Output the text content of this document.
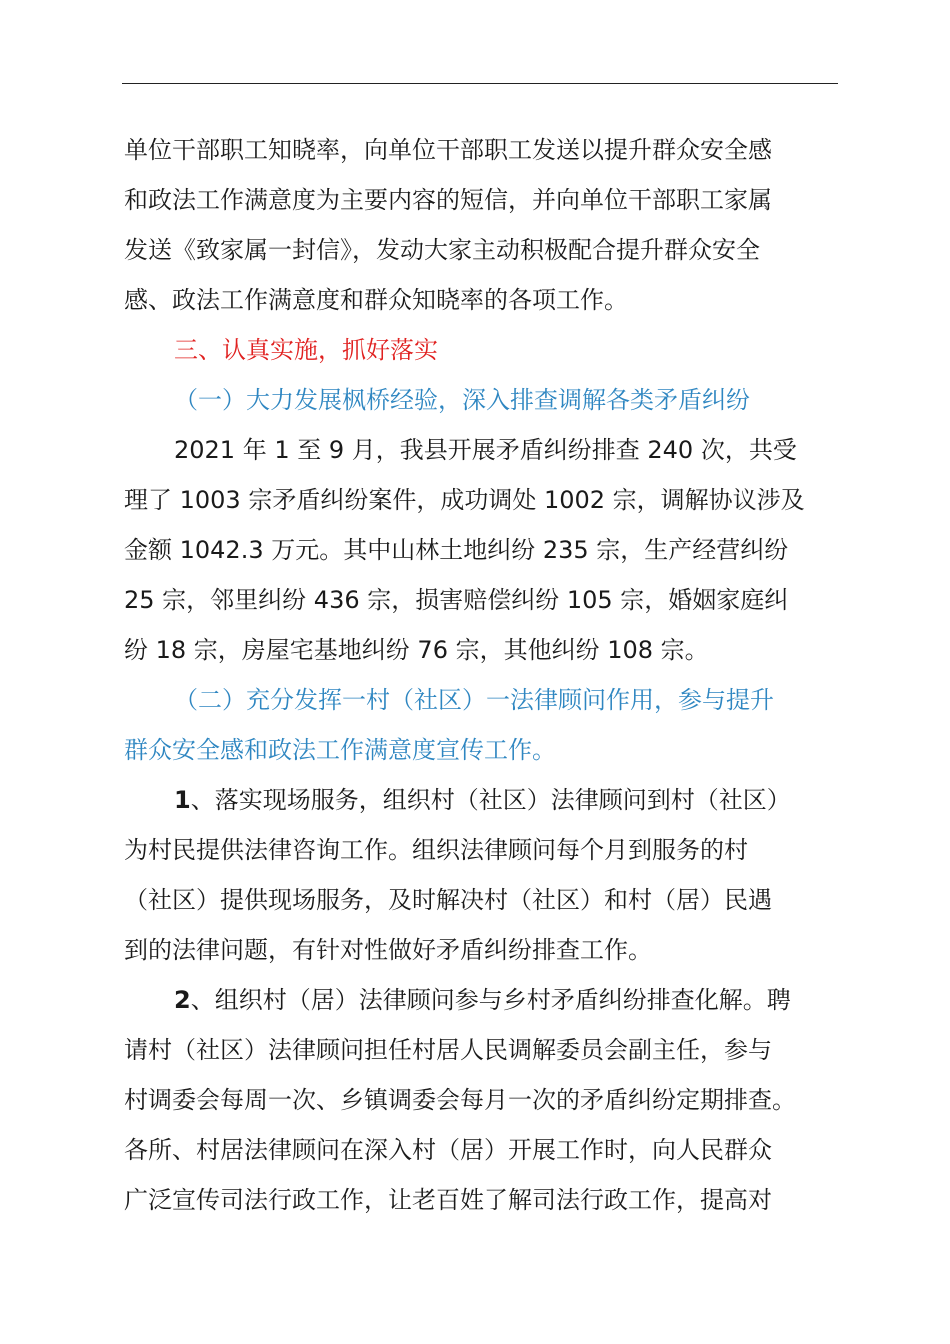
单位干部职工知晓率，向单位干部职工发送以提升群众安全感
和政法工作满意度为主要内容的短信，并向单位干部职工家属
发送《致家属一封信》，发动大家主动积极配合提升群众安全
感、政法工作满意度和群众知晓率的各项工作。
三、认真实施，抓好落实
（一）大力发展枫桥经验，深入排查调解各类矛盾纠纷
2021 年 1 至 9 月，我县开展矛盾纠纷排查 240 次，共受
理了 1003 宗矛盾纠纷案件，成功调处 1002 宗，调解协议涉及
金额 1042.3 万元。其中山林土地纠纷 235 宗，生产经营纠纷
25 宗，邻里纠纷 436 宗，损害赔偿纠纷 105 宗，婚姻家庭纠
纷 18 宗，房屋宅基地纠纷 76 宗，其他纠纷 108 宗。
（二）充分发挥一村（社区）一法律顾问作用，参与提升
群众安全感和政法工作满意度宣传工作。
1、落实现场服务，组织村（社区）法律顾问到村（社区）
为村民提供法律咨询工作。组织法律顾问每个月到服务的村
（社区）提供现场服务，及时解决村（社区）和村（居）民遇
到的法律问题，有针对性做好矛盾纠纷排查工作。
2、组织村（居）法律顾问参与乡村矛盾纠纷排查化解。聘
请村（社区）法律顾问担任村居人民调解委员会副主任，参与
村调委会每周一次、乡镇调委会每月一次的矛盾纠纷定期排查。
各所、村居法律顾问在深入村（居）开展工作时，向人民群众
广泛宣传司法行政工作，让老百姓了解司法行政工作，提高对
